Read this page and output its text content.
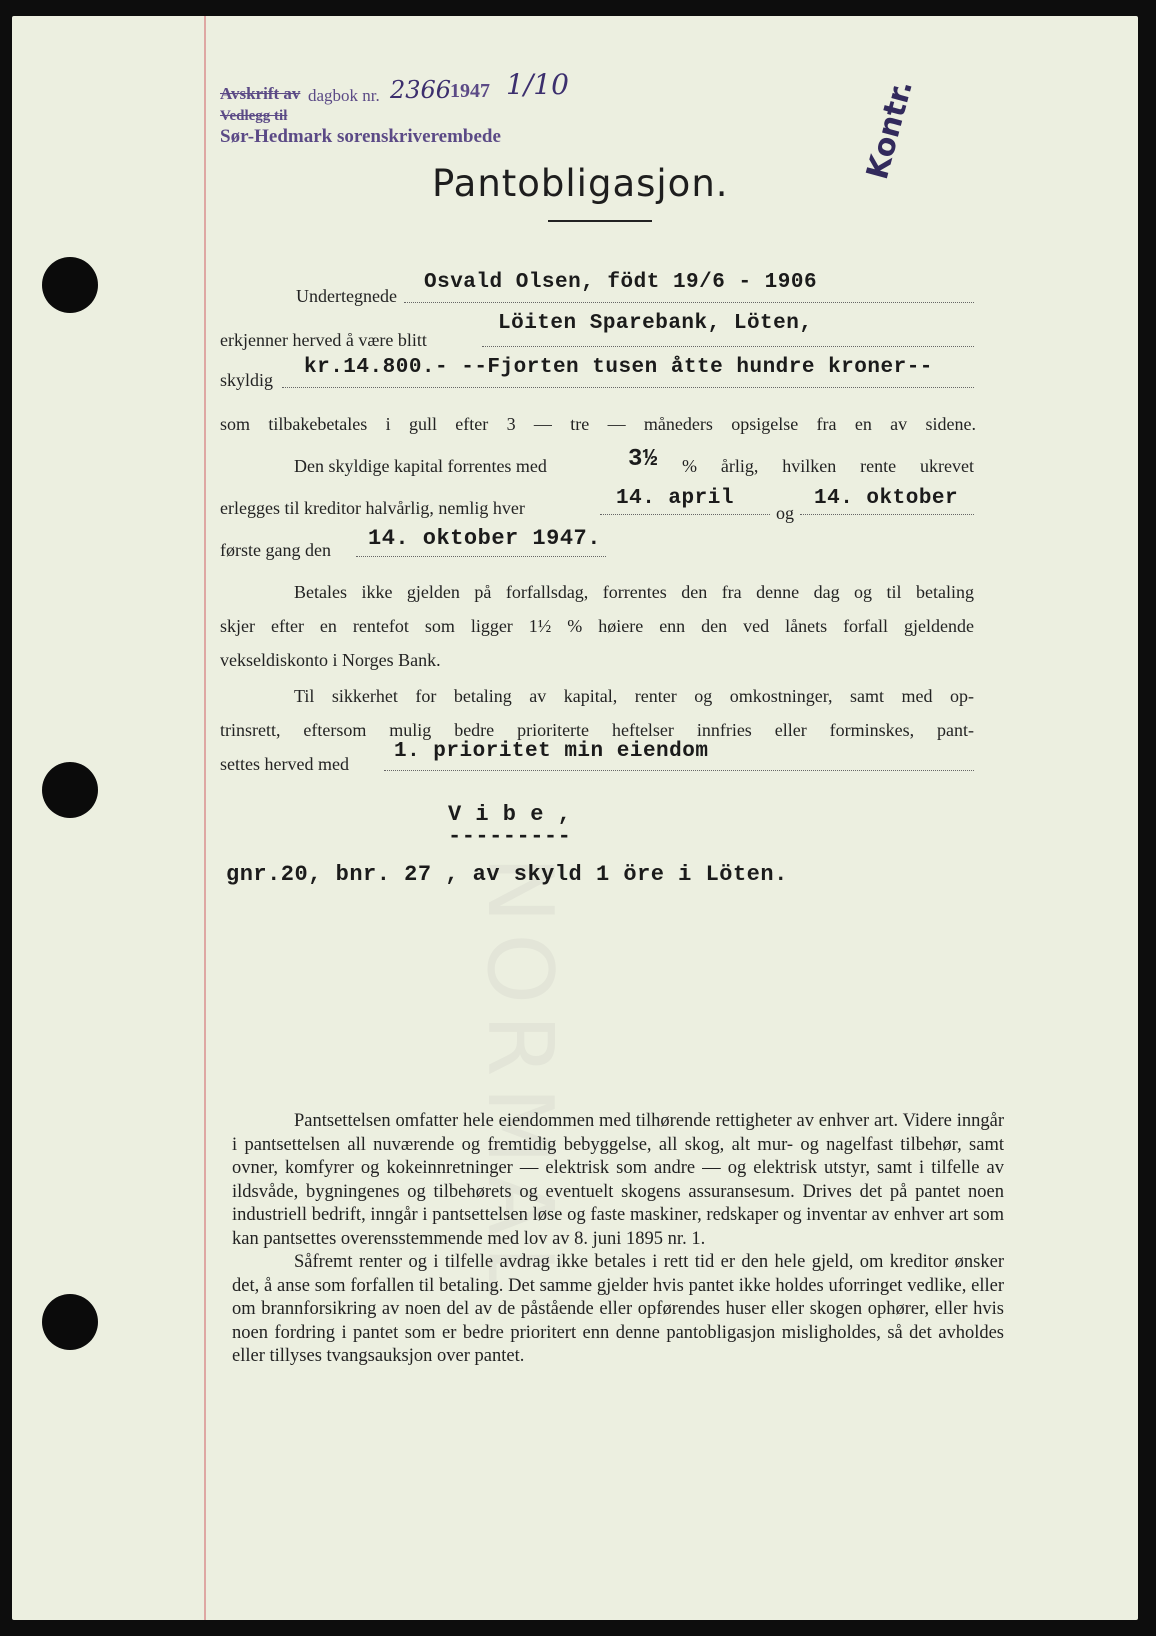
Avskrift av dagbok nr. 2366
1947 1/10
Vedlegg til
Sør-Hedmark sorenskriverembede	Kontr.
NORMAL
Pantobligasjon.
Undertegnede
Osvald Olsen, födt 19/6 - 1906
erkjenner herved å være blitt
Löiten Sparebank, Löten,
skyldig
kr.14.800.- --Fjorten tusen åtte hundre kroner--
som tilbakebetales i gull efter 3 — tre — måneders opsigelse fra en av sidene.
Den skyldige kapital forrentes med	3½ % årlig, hvilken rente ukrevet
erlegges til kreditor halvårlig, nemlig hver	14. april
og
14. oktober
første gang den 14. oktober 1947.
Betales ikke gjelden på forfallsdag, forrentes den fra denne dag og til betaling
skjer efter en rentefot som ligger 1½ % høiere enn den ved lånets forfall gjeldende
vekseldiskonto i Norges Bank.
Til sikkerhet for betaling av kapital, renter og omkostninger, samt med op-
trinsrett, eftersom mulig bedre prioriterte heftelser innfries eller forminskes, pant-
settes herved med
1. prioritet min eiendom
V i b e ,
---------
gnr.20, bnr. 27 , av skyld 1 öre i Löten.

Pantsettelsen omfatter hele eiendommen med tilhørende rettigheter av enhver art. Videre inngår i pantsettelsen all nuværende og fremtidig bebyggelse, all skog, alt mur- og nagelfast tilbehør, samt ovner, komfyrer og kokeinnretninger — elektrisk som andre — og elektrisk utstyr, samt i tilfelle av ildsvåde, bygningenes og tilbehørets og eventuelt skogens assuransesum. Drives det på pantet noen industriell bedrift, inngår i pantsettelsen løse og faste maskiner, redskaper og inventar av enhver art som kan pantsettes overensstemmende med lov av 8. juni 1895 nr. 1.

Såfremt renter og i tilfelle avdrag ikke betales i rett tid er den hele gjeld, om kreditor ønsker det, å anse som forfallen til betaling. Det samme gjelder hvis pantet ikke holdes uforringet vedlike, eller om brannforsikring av noen del av de påstående eller opførendes huser eller skogen ophører, eller hvis noen fordring i pantet som er bedre prioritert enn denne pantobligasjon misligholdes, så det avholdes eller tillyses tvangsauksjon over pantet.
